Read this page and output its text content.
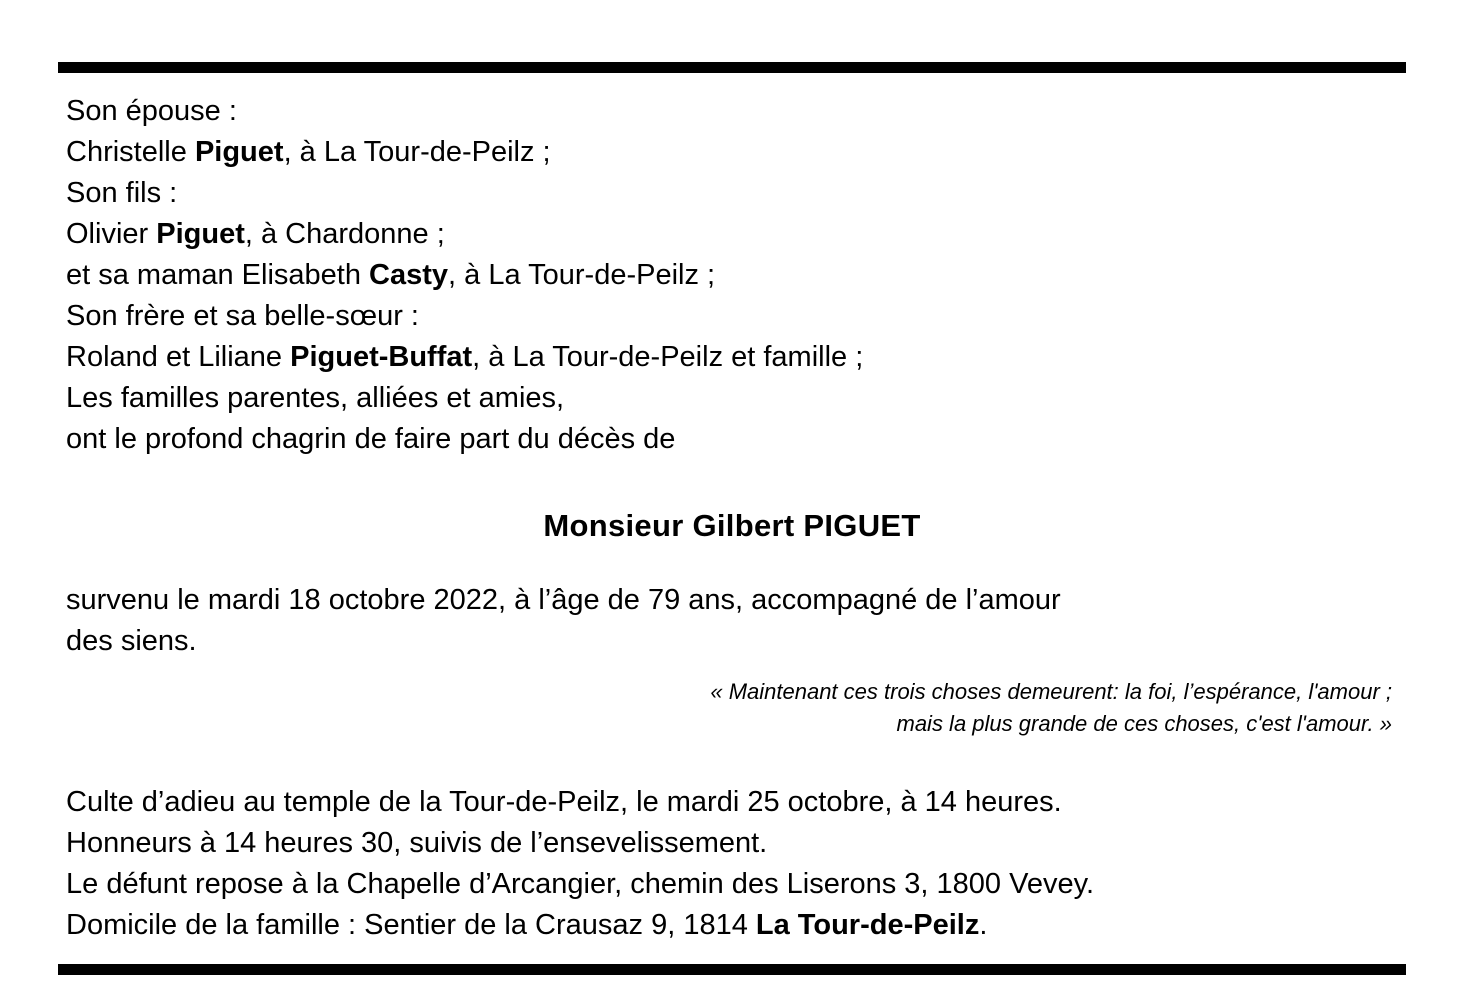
Son épouse :
Christelle Piguet, à La Tour-de-Peilz ;
Son fils :
Olivier Piguet, à Chardonne ;
et sa maman Elisabeth Casty, à La Tour-de-Peilz ;
Son frère et sa belle-sœur :
Roland et Liliane Piguet-Buffat, à La Tour-de-Peilz et famille ;
Les familles parentes, alliées et amies,
ont le profond chagrin de faire part du décès de
Monsieur Gilbert PIGUET
survenu le mardi 18 octobre 2022, à l’âge de 79 ans, accompagné de l’amour
des siens.
« Maintenant ces trois choses demeurent: la foi, l’espérance, l'amour ;
mais la plus grande de ces choses, c'est l'amour. »
Culte d’adieu au temple de la Tour-de-Peilz, le mardi 25 octobre, à 14 heures.
Honneurs à 14 heures 30, suivis de l’ensevelissement.
Le défunt repose à la Chapelle d’Arcangier, chemin des Liserons 3, 1800 Vevey.
Domicile de la famille : Sentier de la Crausaz 9, 1814 La Tour-de-Peilz.
